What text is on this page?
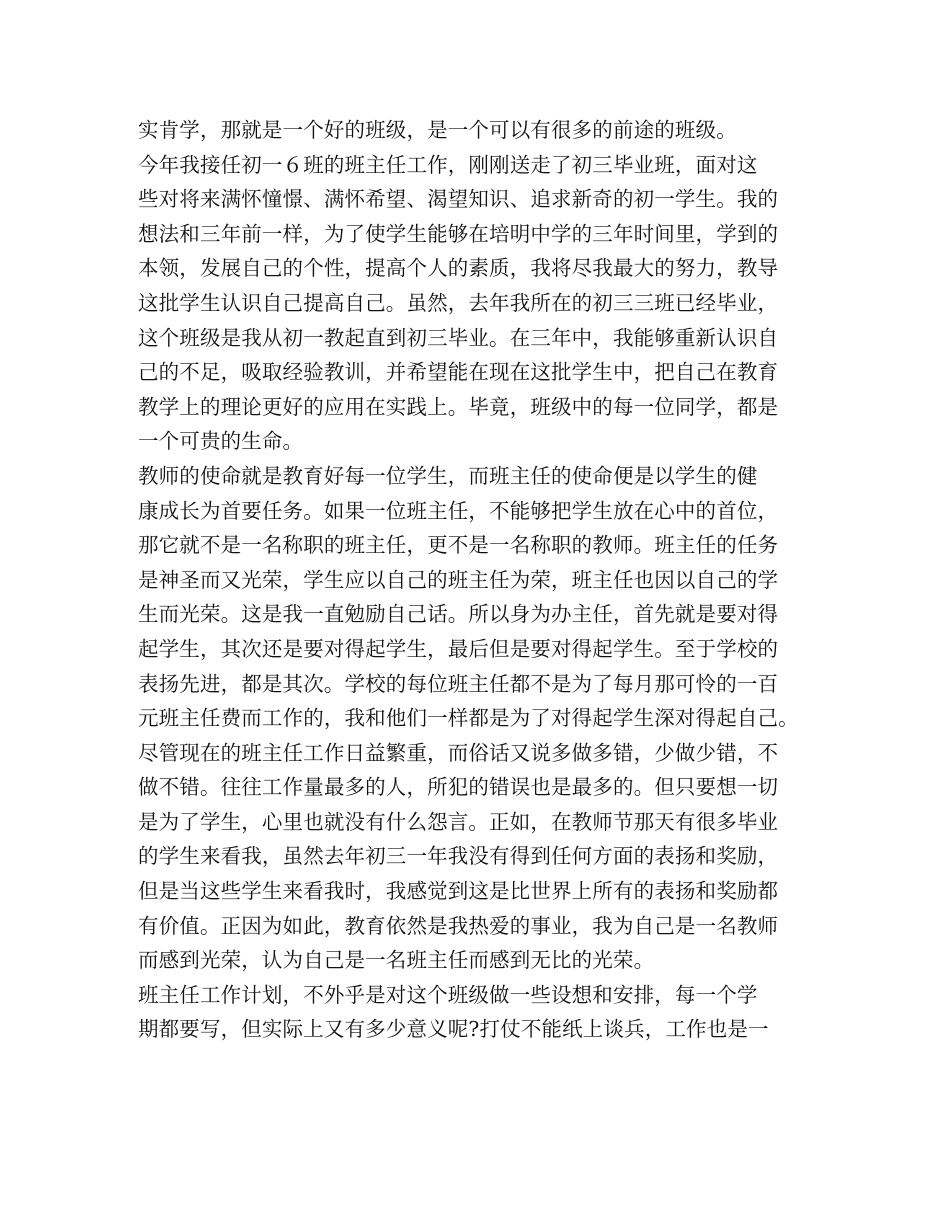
实肯学，那就是一个好的班级，是一个可以有很多的前途的班级。
今年我接任初一６班的班主任工作，刚刚送走了初三毕业班，面对这
些对将来满怀憧憬、满怀希望、渴望知识、追求新奇的初一学生。我的
想法和三年前一样，为了使学生能够在培明中学的三年时间里，学到的
本领，发展自己的个性，提高个人的素质，我将尽我最大的努力，教导
这批学生认识自己提高自己。虽然，去年我所在的初三三班已经毕业，
这个班级是我从初一教起直到初三毕业。在三年中，我能够重新认识自
己的不足，吸取经验教训，并希望能在现在这批学生中，把自己在教育
教学上的理论更好的应用在实践上。毕竟，班级中的每一位同学，都是
一个可贵的生命。
教师的使命就是教育好每一位学生，而班主任的使命便是以学生的健
康成长为首要任务。如果一位班主任，不能够把学生放在心中的首位，
那它就不是一名称职的班主任，更不是一名称职的教师。班主任的任务
是神圣而又光荣，学生应以自己的班主任为荣，班主任也因以自己的学
生而光荣。这是我一直勉励自己话。所以身为办主任，首先就是要对得
起学生，其次还是要对得起学生，最后但是要对得起学生。至于学校的
表扬先进，都是其次。学校的每位班主任都不是为了每月那可怜的一百
元班主任费而工作的，我和他们一样都是为了对得起学生深对得起自己。
尽管现在的班主任工作日益繁重，而俗话又说多做多错，少做少错，不
做不错。往往工作量最多的人，所犯的错误也是最多的。但只要想一切
是为了学生，心里也就没有什么怨言。正如，在教师节那天有很多毕业
的学生来看我，虽然去年初三一年我没有得到任何方面的表扬和奖励，
但是当这些学生来看我时，我感觉到这是比世界上所有的表扬和奖励都
有价值。正因为如此，教育依然是我热爱的事业，我为自己是一名教师
而感到光荣，认为自己是一名班主任而感到无比的光荣。
班主任工作计划，不外乎是对这个班级做一些设想和安排，每一个学
期都要写，但实际上又有多少意义呢?打仗不能纸上谈兵，工作也是一
